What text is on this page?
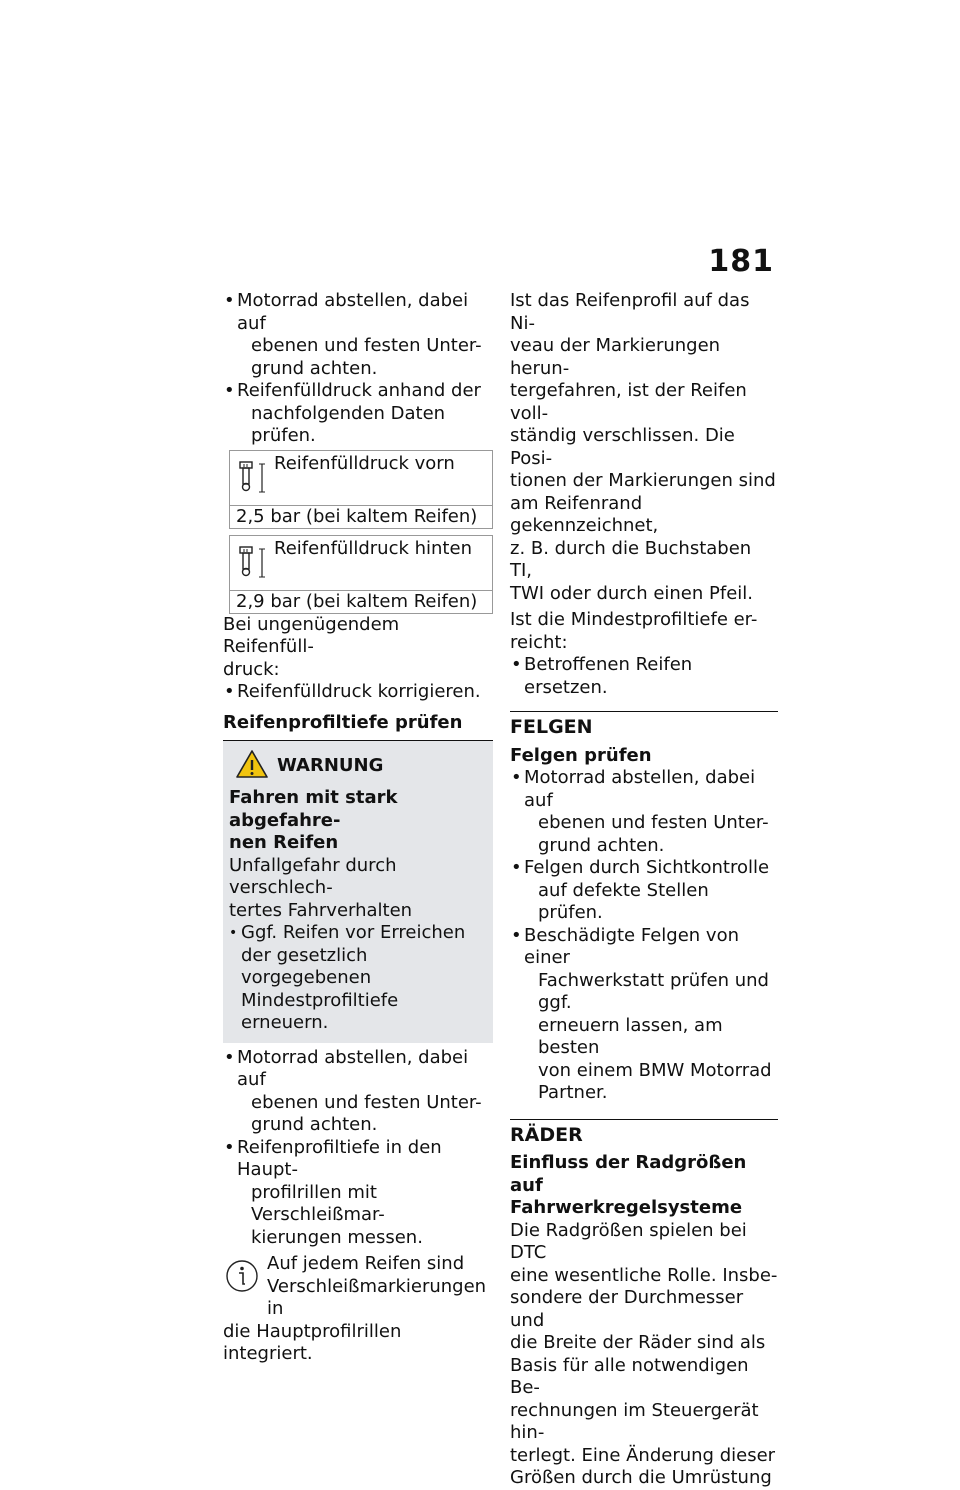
181
• Motorrad abstellen, dabei auf
ebenen und festen Unter-
grund achten.
• Reifenfülldruck anhand der
nachfolgenden Daten prüfen.
Reifenfülldruck vorn
2,5 bar (bei kaltem Reifen)
Reifenfülldruck hinten
2,9 bar (bei kaltem Reifen)
Bei ungenügendem Reifenfüll-
druck:
• Reifenfülldruck korrigieren.
Reifenprofiltiefe prüfen
WARNUNG
Fahren mit stark abgefahre-
nen Reifen
Unfallgefahr durch verschlech-
tertes Fahrverhalten
• Ggf. Reifen vor Erreichen
der gesetzlich vorgegebenen
Mindestprofiltiefe erneuern.
• Motorrad abstellen, dabei auf
ebenen und festen Unter-
grund achten.
• Reifenprofiltiefe in den Haupt-
profilrillen mit Verschleißmar-
kierungen messen.
Auf jedem Reifen sind
Verschleißmarkierungen in
die Hauptprofilrillen integriert.
Ist das Reifenprofil auf das Ni-
veau der Markierungen herun-
tergefahren, ist der Reifen voll-
ständig verschlissen. Die Posi-
tionen der Markierungen sind
am Reifenrand gekennzeichnet,
z. B. durch die Buchstaben TI,
TWI oder durch einen Pfeil.
Ist die Mindestprofiltiefe er-
reicht:
• Betroffenen Reifen ersetzen.
FELGEN
Felgen prüfen
• Motorrad abstellen, dabei auf
ebenen und festen Unter-
grund achten.
• Felgen durch Sichtkontrolle
auf defekte Stellen prüfen.
• Beschädigte Felgen von einer
Fachwerkstatt prüfen und ggf.
erneuern lassen, am besten
von einem BMW Motorrad
Partner.
RÄDER
Einfluss der Radgrößen auf
Fahrwerkregelsysteme
Die Radgrößen spielen bei DTC
eine wesentliche Rolle. Insbe-
sondere der Durchmesser und
die Breite der Räder sind als
Basis für alle notwendigen Be-
rechnungen im Steuergerät hin-
terlegt. Eine Änderung dieser
Größen durch die Umrüstung
